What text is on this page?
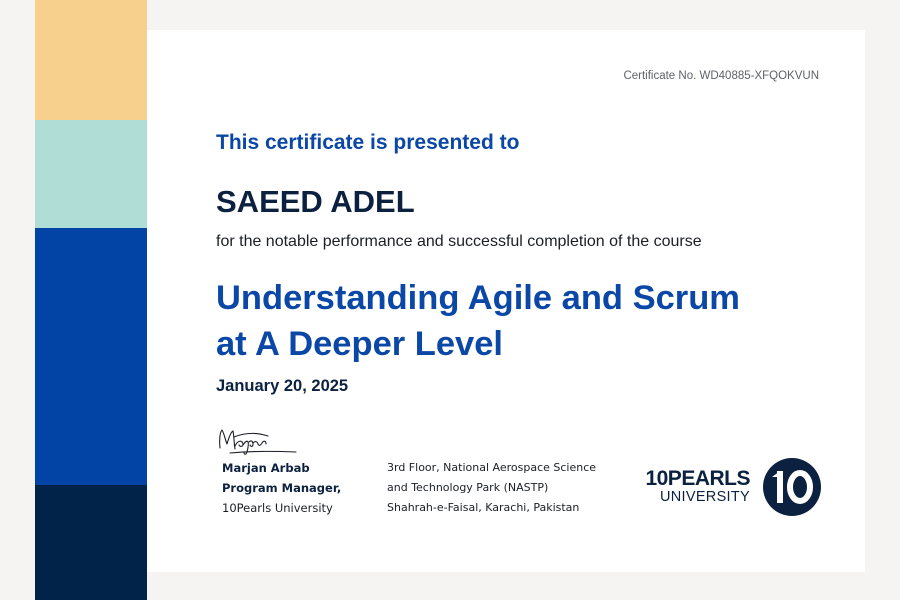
Certificate No. WD40885-XFQOKVUN
This certificate is presented to
SAEED ADEL
for the notable performance and successful completion of the course
Understanding Agile and Scrum
at A Deeper Level
January 20, 2025
Marjan Arbab
Program Manager,
10Pearls University
3rd Floor, National Aerospace Science
and Technology Park (NASTP)
Shahrah-e-Faisal, Karachi, Pakistan
10PEARLS
UNIVERSITY
